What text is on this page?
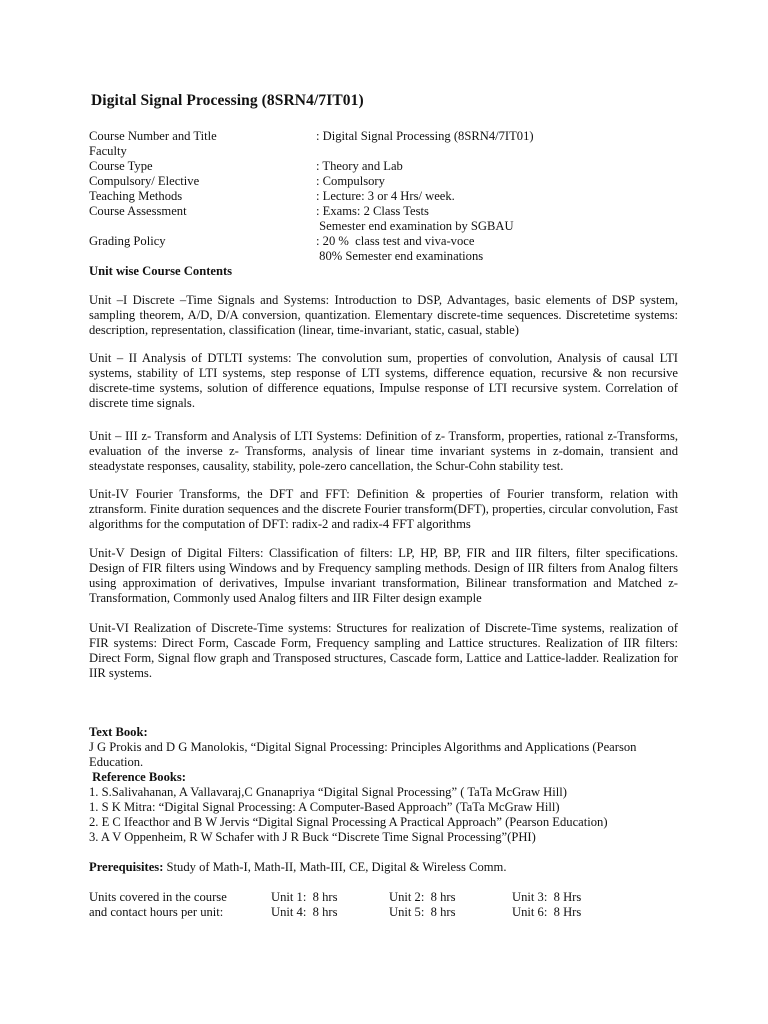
Digital Signal Processing (8SRN4/7IT01)
Course Number and Title	: Digital Signal Processing (8SRN4/7IT01)
Faculty
Course Type	: Theory and Lab
Compulsory/ Elective	: Compulsory
Teaching Methods	: Lecture: 3 or 4 Hrs/ week.
Course Assessment	: Exams: 2 Class Tests
Semester end examination by SGBAU
Grading Policy	: 20 %  class test and viva-voce
80% Semester end examinations
Unit wise Course Contents

Unit –I Discrete –Time Signals and Systems: Introduction to DSP, Advantages, basic elements of DSP system, sampling theorem, A/D, D/A conversion, quantization. Elementary discrete-time sequences. Discretetime systems: description, representation, classification (linear, time-invariant, static, casual, stable)

Unit – II Analysis of DTLTI systems: The convolution sum, properties of convolution, Analysis of causal LTI systems, stability of LTI systems, step response of LTI systems, difference equation, recursive & non recursive discrete-time systems, solution of difference equations, Impulse response of LTI recursive system. Correlation of discrete time signals.

Unit – III z- Transform and Analysis of LTI Systems: Definition of z- Transform, properties, rational z-Transforms, evaluation of the inverse z- Transforms, analysis of linear time invariant systems in z-domain, transient and steadystate responses, causality, stability, pole-zero cancellation, the Schur-Cohn stability test.

Unit-IV Fourier Transforms, the DFT and FFT: Definition & properties of Fourier transform, relation with ztransform. Finite duration sequences and the discrete Fourier transform(DFT), properties, circular convolution, Fast algorithms for the computation of DFT: radix-2 and radix-4 FFT algorithms

Unit-V Design of Digital Filters: Classification of filters: LP, HP, BP, FIR and IIR filters, filter specifications. Design of FIR filters using Windows and by Frequency sampling methods. Design of IIR filters from Analog filters using approximation of derivatives, Impulse invariant transformation, Bilinear transformation and Matched z-Transformation, Commonly used Analog filters and IIR Filter design example

Unit-VI Realization of Discrete-Time systems: Structures for realization of Discrete-Time systems, realization of FIR systems: Direct Form, Cascade Form, Frequency sampling and Lattice structures. Realization of IIR filters: Direct Form, Signal flow graph and Transposed structures, Cascade form, Lattice and Lattice-ladder. Realization for IIR systems.

Text Book:
J G Prokis and D G Manolokis, “Digital Signal Processing: Principles Algorithms and Applications (Pearson Education.
Reference Books:
1. S.Salivahanan, A Vallavaraj,C Gnanapriya “Digital Signal Processing” ( TaTa McGraw Hill)
1. S K Mitra: “Digital Signal Processing: A Computer-Based Approach” (TaTa McGraw Hill)
2. E C Ifeacthor and B W Jervis “Digital Signal Processing A Practical Approach” (Pearson Education)
3. A V Oppenheim, R W Schafer with J R Buck “Discrete Time Signal Processing”(PHI)
Prerequisites: Study of Math-I, Math-II, Math-III, CE, Digital & Wireless Comm.
Units covered in the course	Unit 1:  8 hrs	Unit 2:  8 hrs	Unit 3:  8 Hrs
and contact hours per unit:	Unit 4:  8 hrs	Unit 5:  8 hrs	Unit 6:  8 Hrs
